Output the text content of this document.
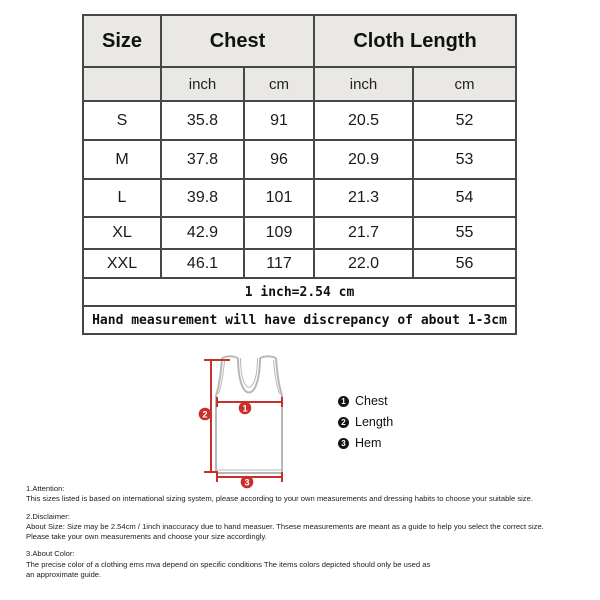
Size	Chest		Cloth Length	
	inch	cm	inch	cm
S	35.8	91	20.5	52
M	37.8	96	20.9	53
L	39.8	101	21.3	54
XL	42.9	109	21.7	55
XXL	46.1	117	22.0	56
1 inch=2.54 cm				
Hand measurement will have discrepancy of about 1-3cm				
1
2
3
1 Chest
2 Length
3 Hem
1.Attention:
This sizes listed is based on international sizing system, please according to your own measurements and dressing habits to choose your suitable size.
2.Disclaimer:
About Size: Size may be 2.54cm / 1inch inaccuracy due to hand measuer. Thsese measurements are meant as a guide to help you select the correct size.
Please take your own measurements and choose your size accordingly.
3.About Color:
The precise color of a clothing ems mva depend on specific conditions The items colors depicted should only be used as
an approximate guide.
